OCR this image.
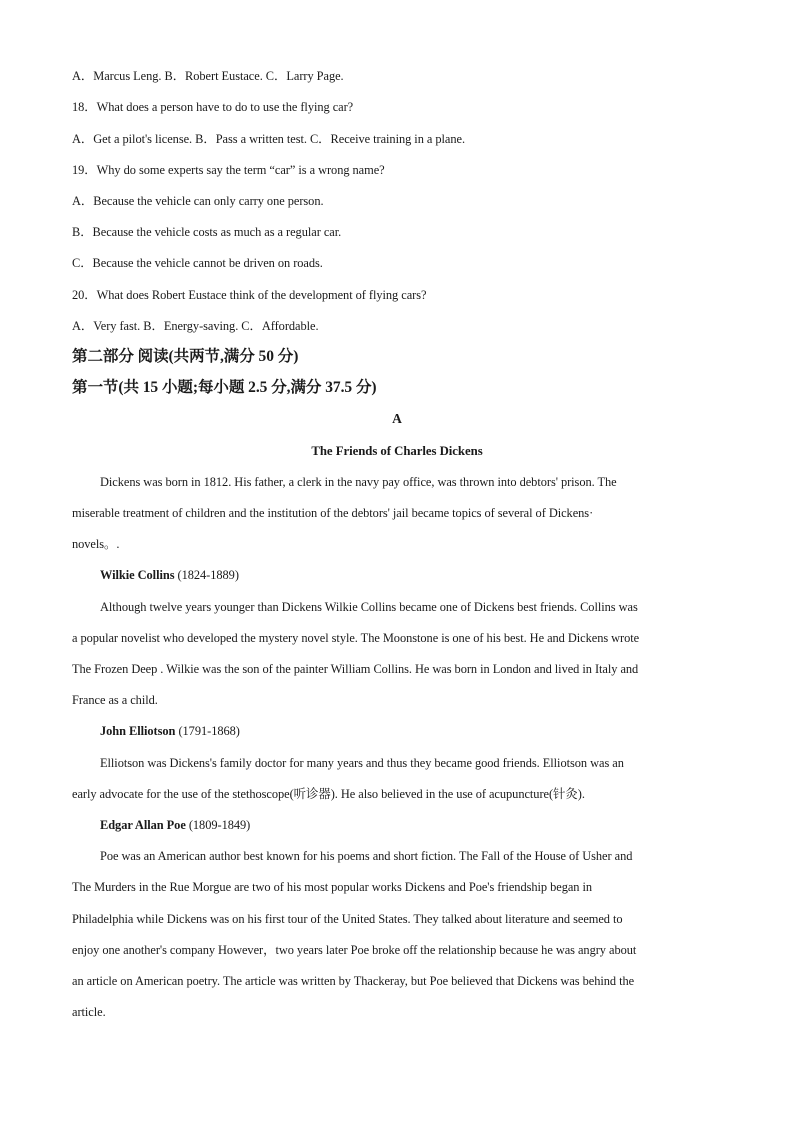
A．Marcus Leng. B．Robert Eustace. C．Larry Page.
18．What does a person have to do to use the flying car?
A．Get a pilot's license. B．Pass a written test. C．Receive training in a plane.
19．Why do some experts say the term “car” is a wrong name?
A．Because the vehicle can only carry one person.
B．Because the vehicle costs as much as a regular car.
C．Because the vehicle cannot be driven on roads.
20．What does Robert Eustace think of the development of flying cars?
A．Very fast. B．Energy-saving. C．Affordable.
第二部分 阅读(共两节,满分 50 分)
第一节(共 15 小题;每小题 2.5 分,满分 37.5 分)
A
The Friends of Charles Dickens
Dickens was born in 1812. His father, a clerk in the navy pay office, was thrown into debtors' prison. The
miserable treatment of children and the institution of the debtors' jail became topics of several of Dickens·
novels。.
Wilkie Collins (1824-1889)
Although twelve years younger than Dickens Wilkie Collins became one of Dickens best friends. Collins was
a popular novelist who developed the mystery novel style. The Moonstone is one of his best. He and Dickens wrote
The Frozen Deep . Wilkie was the son of the painter William Collins. He was born in London and lived in Italy and
France as a child.
John Elliotson (1791-1868)
Elliotson was Dickens's family doctor for many years and thus they became good friends. Elliotson was an
early advocate for the use of the stethoscope(听诊器). He also believed in the use of acupuncture(针灸).
Edgar Allan Poe (1809-1849)
Poe was an American author best known for his poems and short fiction. The Fall of the House of Usher and
The Murders in the Rue Morgue are two of his most popular works Dickens and Poe's friendship began in
Philadelphia while Dickens was on his first tour of the United States. They talked about literature and seemed to
enjoy one another's company However，two years later Poe broke off the relationship because he was angry about
an article on American poetry. The article was written by Thackeray, but Poe believed that Dickens was behind the
article.
